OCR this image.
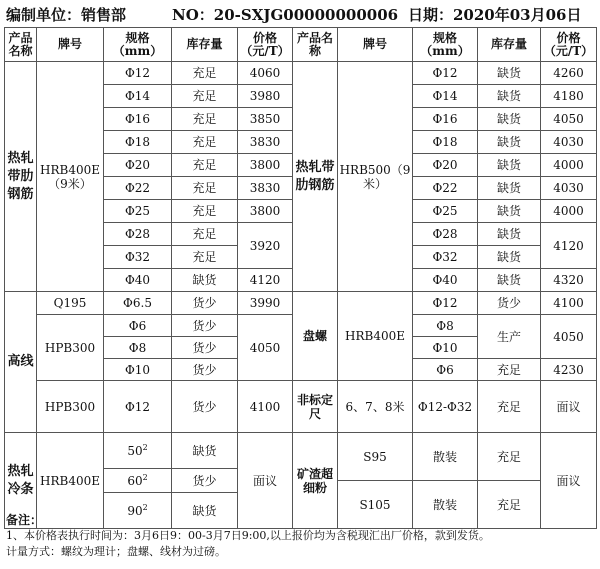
编制单位：销售部	NO：20-SXJG00000000006 日期：2020年03月06日
产品名称	牌号	规格（mm）	库存量	价格（元/T）	产品名称	牌号	规格（mm）	库存量	价格（元/T）
热轧带肋钢筋	HRB400E（9米）	Φ12	充足	4060	热轧带肋钢筋	HRB500（9米）	Φ12	缺货	4260
		Φ14	充足	3980			Φ14	缺货	4180
		Φ16	充足	3850			Φ16	缺货	4050
		Φ18	充足	3830			Φ18	缺货	4030
		Φ20	充足	3800			Φ20	缺货	4000
		Φ22	充足	3830			Φ22	缺货	4030
		Φ25	充足	3800			Φ25	缺货	4000
		Φ28	充足	3920			Φ28	缺货	4120
		Φ32	充足				Φ32	缺货	
		Φ40	缺货	4120			Φ40	缺货	4320
高线	Q195	Φ6.5	货少	3990	盘螺	HRB400E	Φ12	货少	4100
	HPB300	Φ6	货少	4050			Φ8	生产	4050
		Φ8	货少				Φ10		
		Φ10	货少				Φ6	充足	4230
	HPB300	Φ12	货少	4100	非标定尺	6、7、8米	Φ12-Φ32	充足	面议

热轧冷条	HRB400E	$50^2$	缺货	面议	矿渣超细粉	S95	散装	充足	面议

		$60^2$	货少						
						S105	散装	充足	
		$90^2$	缺货						

备注：
1、本价格表执行时间为：3月6日9：00-3月7日9:00,以上报价均为含税现汇出厂价格，款到发货。
计量方式：螺纹为理计；盘螺、线材为过磅。
